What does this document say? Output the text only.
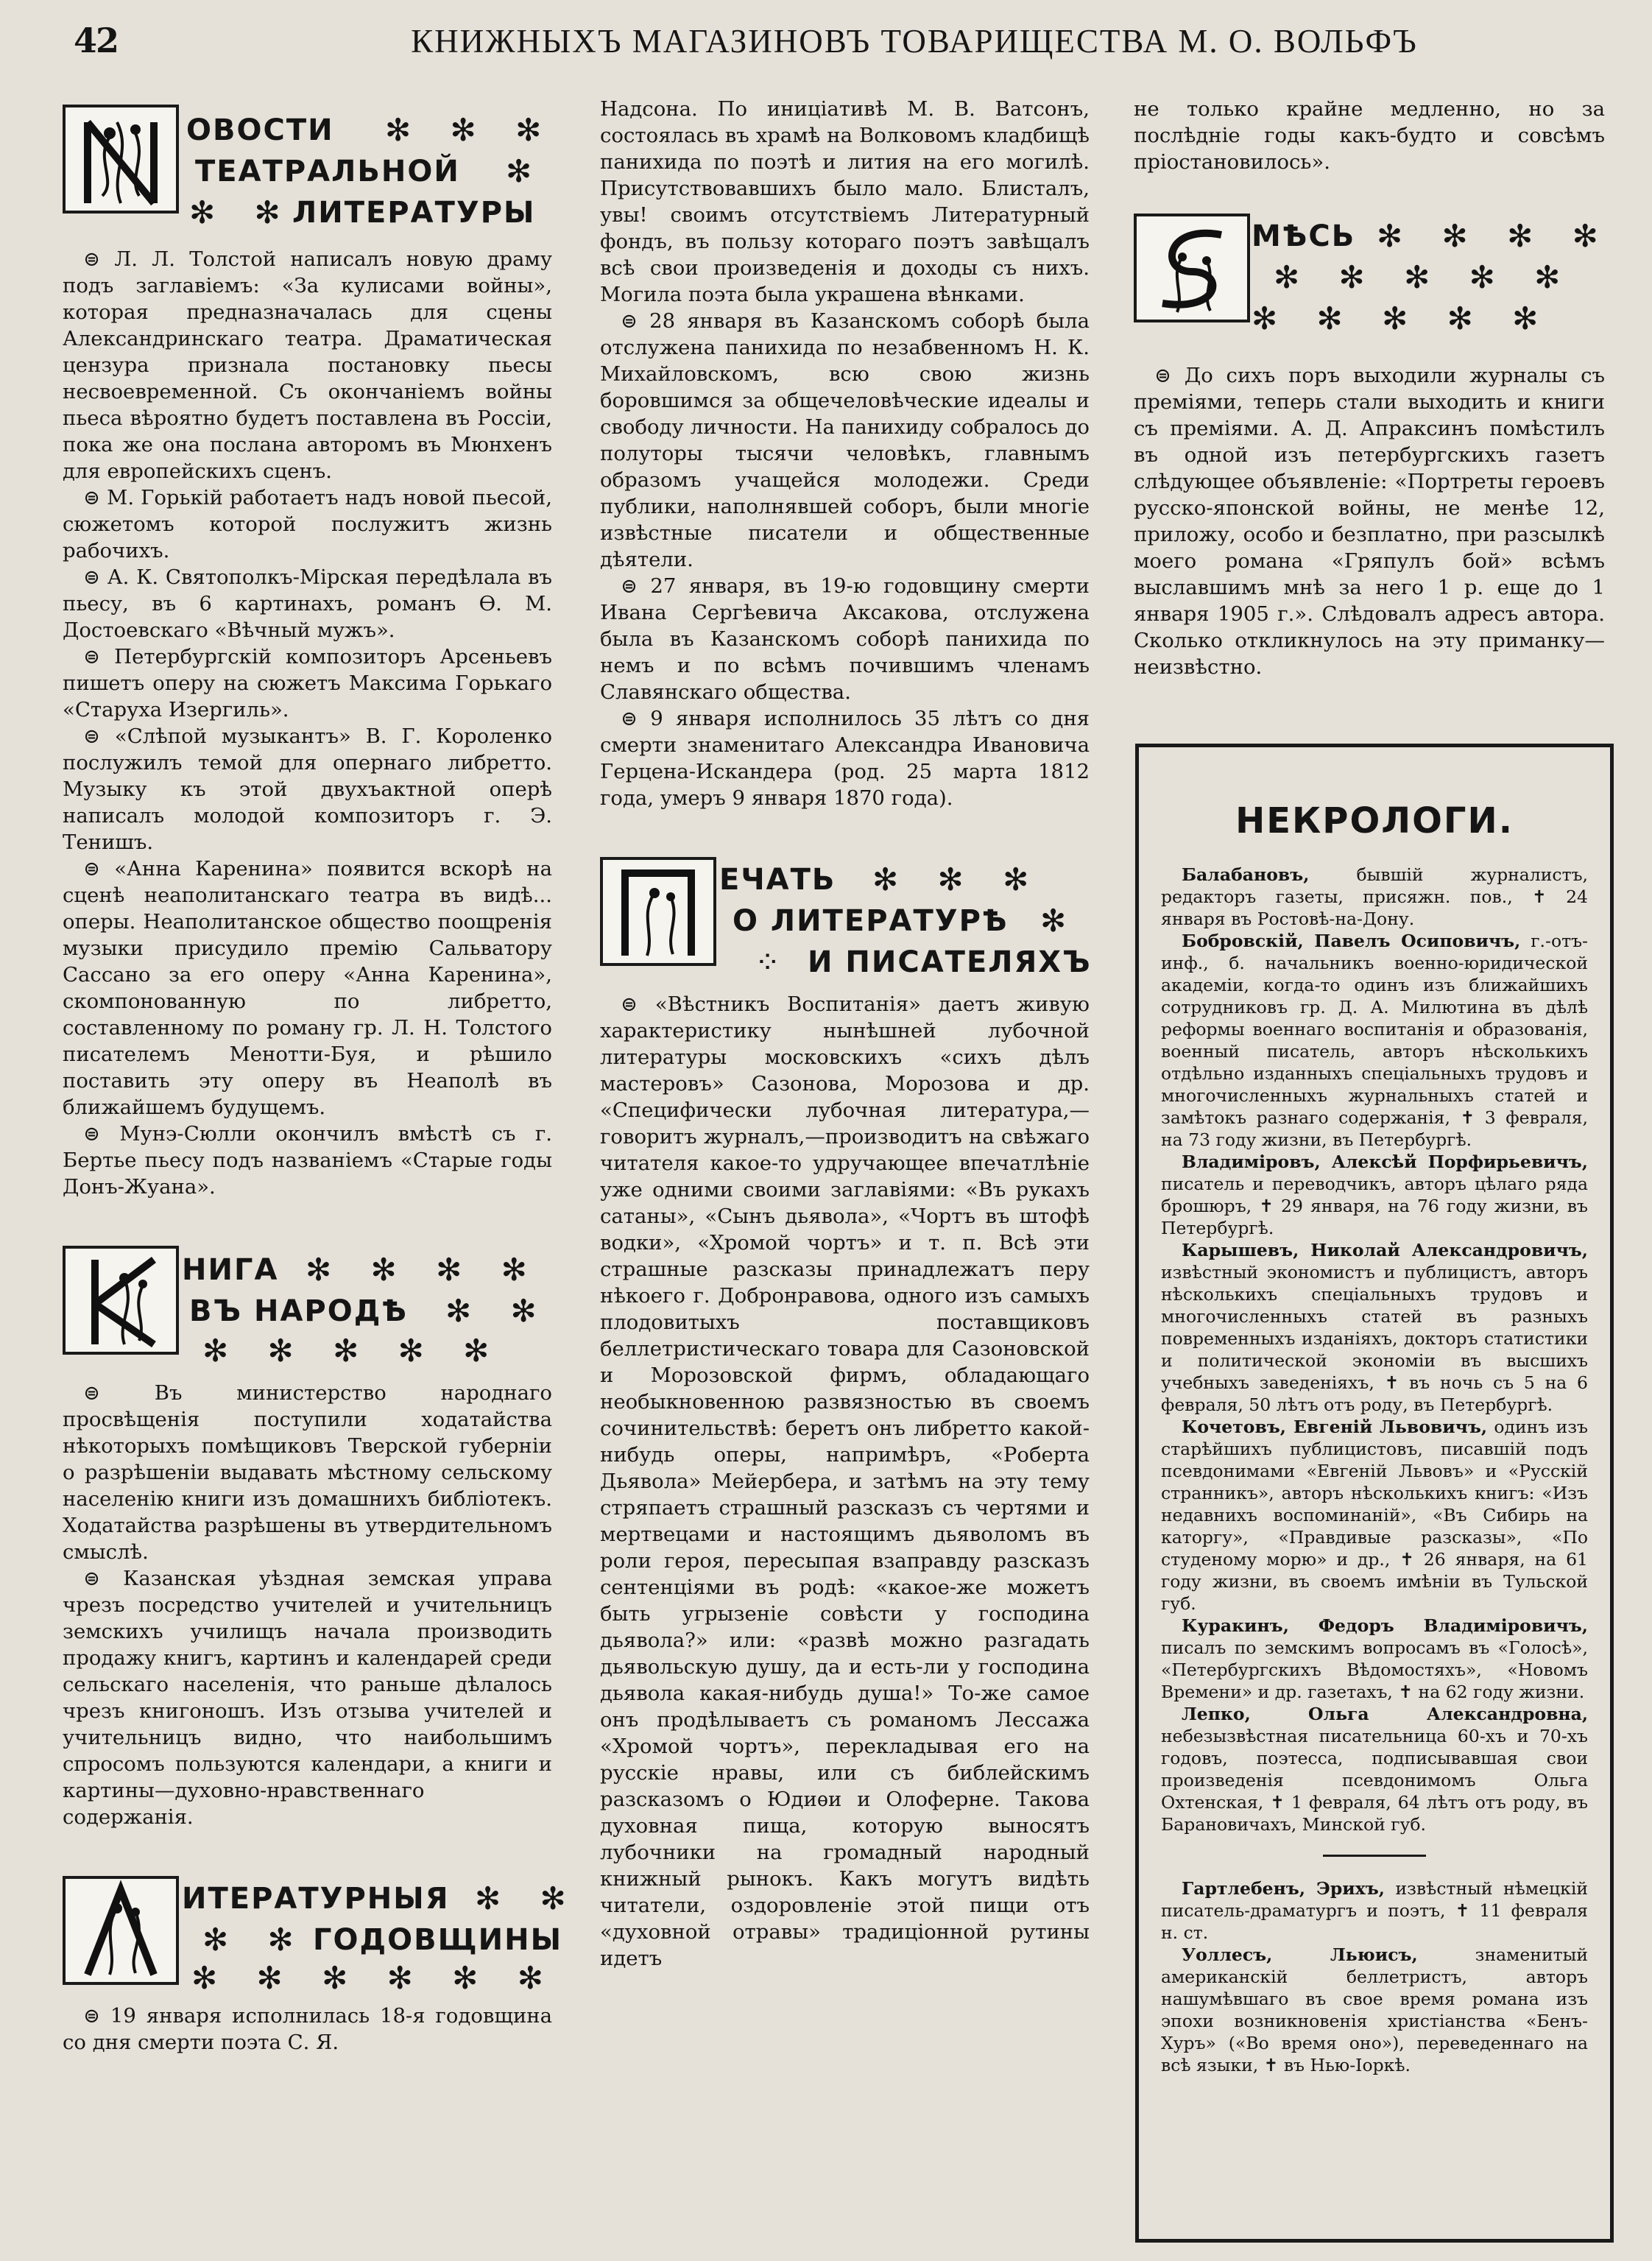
42	КНИЖНЫХЪ МАГАЗИНОВЪ ТОВАРИЩЕСТВА М. О. ВОЛЬФЪ
ОВОСТИ ✻ ✻ ✻
ТЕАТРАЛЬНОЙ ✻
✻ ✻
ЛИТЕРАТУРЫ

⊜ Л. Л. Толстой написалъ новую драму подъ заглавіемъ: «За кулисами войны», которая предназначалась для сцены Александринскаго театра. Драматическая цензура признала постановку пьесы несвоевременной. Съ окончаніемъ войны пьеса вѣроятно будетъ поставлена въ Россіи, пока же она послана авторомъ въ Мюнхенъ для европейскихъ сценъ.

⊜ М. Горькій работаетъ надъ новой пьесой, сюжетомъ которой послужитъ жизнь рабочихъ.

⊜ А. К. Святополкъ-Мірская передѣлала въ пьесу, въ 6 картинахъ, романъ Ѳ. М. Достоевскаго «Вѣчный мужъ».

⊜ Петербургскій композиторъ Арсеньевъ пишетъ оперу на сюжетъ Максима Горькаго «Старуха Изергиль».

⊜ «Слѣпой музыкантъ» В. Г. Короленко послужилъ темой для опернаго либретто. Музыку къ этой двухъактной оперѣ написалъ молодой композиторъ г. Э. Тенишъ.

⊜ «Анна Каренина» появится вскорѣ на сценѣ неаполитанскаго театра въ видѣ... оперы. Неаполитанское общество поощренія музыки присудило премію Сальватору Сассано за его оперу «Анна Каренина», скомпонованную по либретто, составленному по роману гр. Л. Н. Толстого писателемъ Менотти-Буя, и рѣшило поставить эту оперу въ Неаполѣ въ ближайшемъ будущемъ.

⊜ Мунэ-Сюлли окончилъ вмѣстѣ съ г. Бертье пьесу подъ названіемъ «Старые годы Донъ-Жуана».

НИГА ✻ ✻ ✻ ✻
ВЪ НАРОДѢ ✻ ✻
✻ ✻ ✻ ✻ ✻

⊜ Въ министерство народнаго просвѣщенія поступили ходатайства нѣкоторыхъ помѣщиковъ Тверской губерніи о разрѣшеніи выдавать мѣстному сельскому населенію книги изъ домашнихъ библіотекъ. Ходатайства разрѣшены въ утвердительномъ смыслѣ.

⊜ Казанская уѣздная земская управа чрезъ посредство учителей и учительницъ земскихъ училищъ начала производить продажу книгъ, картинъ и календарей среди сельскаго населенія, что раньше дѣлалось чрезъ книгоношъ. Изъ отзыва учителей и учительницъ видно, что наибольшимъ спросомъ пользуются календари, а книги и картины—духовно-нравственнаго содержанія.

ИТЕРАТУРНЫЯ ✻ ✻
✻ ✻ ГОДОВЩИНЫ
✻ ✻ ✻ ✻ ✻ ✻

⊜ 19 января исполнилась 18-я годовщина со дня смерти поэта С. Я.

Надсона. По иниціативѣ М. В. Ватсонъ, состоялась въ храмѣ на Волковомъ кладбищѣ панихида по поэтѣ и лития на его могилѣ. Присутствовавшихъ было мало. Блисталъ, увы! своимъ отсутствіемъ Литературный фондъ, въ пользу котораго поэтъ завѣщалъ всѣ свои произведенія и доходы съ нихъ. Могила поэта была украшена вѣнками.

⊜ 28 января въ Казанскомъ соборѣ была отслужена панихида по незабвенномъ Н. К. Михайловскомъ, всю свою жизнь боровшимся за общечеловѣческие идеалы и свободу личности. На панихиду собралось до полуторы тысячи человѣкъ, главнымъ образомъ учащейся молодежи. Среди публики, наполнявшей соборъ, были многіе извѣстные писатели и общественные дѣятели.

⊜ 27 января, въ 19-ю годовщину смерти Ивана Сергѣевича Аксакова, отслужена была въ Казанскомъ соборѣ панихида по немъ и по всѣмъ почившимъ членамъ Славянскаго общества.

⊜ 9 января исполнилось 35 лѣтъ со дня смерти знаменитаго Александра Ивановича Герцена-Искандера (род. 25 марта 1812 года, умеръ 9 января 1870 года).

ЕЧАТЬ ✻ ✻ ✻
О ЛИТЕРАТУРѢ ✻
⁘ И ПИСАТЕЛЯХЪ

⊜ «Вѣстникъ Воспитанія» даетъ живую характеристику нынѣшней лубочной литературы московскихъ «сихъ дѣлъ мастеровъ» Сазонова, Морозова и др. «Специфически лубочная литература,—говоритъ журналъ,—производитъ на свѣжаго читателя какое-то удручающее впечатлѣніе уже одними своими заглавіями: «Въ рукахъ сатаны», «Сынъ дьявола», «Чортъ въ штофѣ водки», «Хромой чортъ» и т. п. Всѣ эти страшные разсказы принадлежатъ перу нѣкоего г. Добронравова, одного изъ самыхъ плодовитыхъ поставщиковъ беллетристическаго товара для Сазоновской и Морозовской фирмъ, обладающаго необыкновенною развязностью въ своемъ сочинительствѣ: беретъ онъ либретто какой-нибудь оперы, напримѣръ, «Роберта Дьявола» Мейербера, и затѣмъ на эту тему стряпаетъ страшный разсказъ съ чертями и мертвецами и настоящимъ дьяволомъ въ роли героя, пересыпая взаправду разсказъ сентенціями въ родѣ: «какое-же можетъ быть угрызеніе совѣсти у господина дьявола?» или: «развѣ можно разгадать дьявольскую душу, да и есть-ли у господина дьявола какая-нибудь душа!» То-же самое онъ продѣлываетъ съ романомъ Лессажа «Хромой чортъ», перекладывая его на русскіе нравы, или съ библейскимъ разсказомъ о Юдиѳи и Олоферне. Такова духовная пища, которую выносятъ лубочники на громадный народный книжный рынокъ. Какъ могутъ видѣть читатели, оздоровленіе этой пищи отъ «духовной отравы» традиціонной рутины идетъ

не только крайне медленно, но за послѣдніе годы какъ-будто и совсѣмъ пріостановилось».

МѢСЬ ✻ ✻ ✻ ✻
✻ ✻ ✻ ✻ ✻
✻ ✻ ✻ ✻ ✻

⊜ До сихъ поръ выходили журналы съ преміями, теперь стали выходить и книги съ преміями. А. Д. Апраксинъ помѣстилъ въ одной изъ петербургскихъ газетъ слѣдующее объявленіе: «Портреты героевъ русско-японской войны, не менѣе 12, приложу, особо и безплатно, при разсылкѣ моего романа «Гряпулъ бой» всѣмъ выславшимъ мнѣ за него 1 р. еще до 1 января 1905 г.». Слѣдовалъ адресъ автора. Сколько откликнулось на эту приманку—неизвѣстно.

НЕКРОЛОГИ.

Балабановъ,	бывшій журналистъ, редакторъ газеты, присяжн. пов., ✝ 24 января въ Ростовѣ-на-Дону.

Бобровскій, Павелъ Осиповичъ, г.-отъ-инф., б. начальникъ военно-юридической академіи, когда-то одинъ изъ ближайшихъ сотрудниковъ гр. Д. А. Милютина въ дѣлѣ реформы военнаго воспитанія и образованія, военный писатель, авторъ нѣсколькихъ отдѣльно изданныхъ спеціальныхъ трудовъ и многочисленныхъ журнальныхъ статей и замѣтокъ разнаго содержанія, ✝ 3 февраля, на 73 году жизни, въ Петербургѣ.

Владиміровъ, Алексѣй Порфирьевичъ, писатель и переводчикъ, авторъ цѣлаго ряда брошюръ, ✝ 29 января, на 76 году жизни, въ Петербургѣ.

Карышевъ, Николай Александровичъ, извѣстный экономистъ и публицистъ, авторъ нѣсколькихъ спеціальныхъ трудовъ и многочисленныхъ статей въ разныхъ повременныхъ изданіяхъ, докторъ статистики и политической экономіи въ высшихъ учебныхъ заведеніяхъ, ✝ въ ночь съ 5 на 6 февраля, 50 лѣтъ отъ роду, въ Петербургѣ.

Кочетовъ, Евгеній Львовичъ, одинъ изъ старѣйшихъ публицистовъ, писавшій подъ псевдонимами «Евгеній Львовъ» и «Русскій странникъ», авторъ нѣсколькихъ книгъ: «Изъ недавнихъ воспоминаній», «Въ Сибирь на каторгу», «Правдивые разсказы», «По студеному морю» и др., ✝ 26 января, на 61 году жизни, въ своемъ имѣніи въ Тульской губ.

Куракинъ, Федоръ Владиміровичъ, писалъ по земскимъ вопросамъ въ «Голосѣ», «Петербургскихъ Вѣдомостяхъ», «Новомъ Времени» и др. газетахъ, ✝ на 62 году жизни.

Лепко, Ольга Александровна, небезызвѣстная писательница 60-хъ и 70-хъ годовъ, поэтесса, подписывавшая свои произведенія псевдонимомъ Ольга Охтенская, ✝ 1 февраля, 64 лѣтъ отъ роду, въ Барановичахъ, Минской губ.

Гартлебенъ, Эрихъ, извѣстный нѣмецкій писатель-драматургъ и поэтъ, ✝ 11 февраля н. ст.

Уоллесъ, Льюисъ,	знаменитый американскій беллетристъ, авторъ нашумѣвшаго въ свое время романа изъ эпохи возникновенія христіанства «Бенъ-Хуръ» («Во время оно»), переведеннаго на всѣ языки, ✝ въ Нью-Іоркѣ.
